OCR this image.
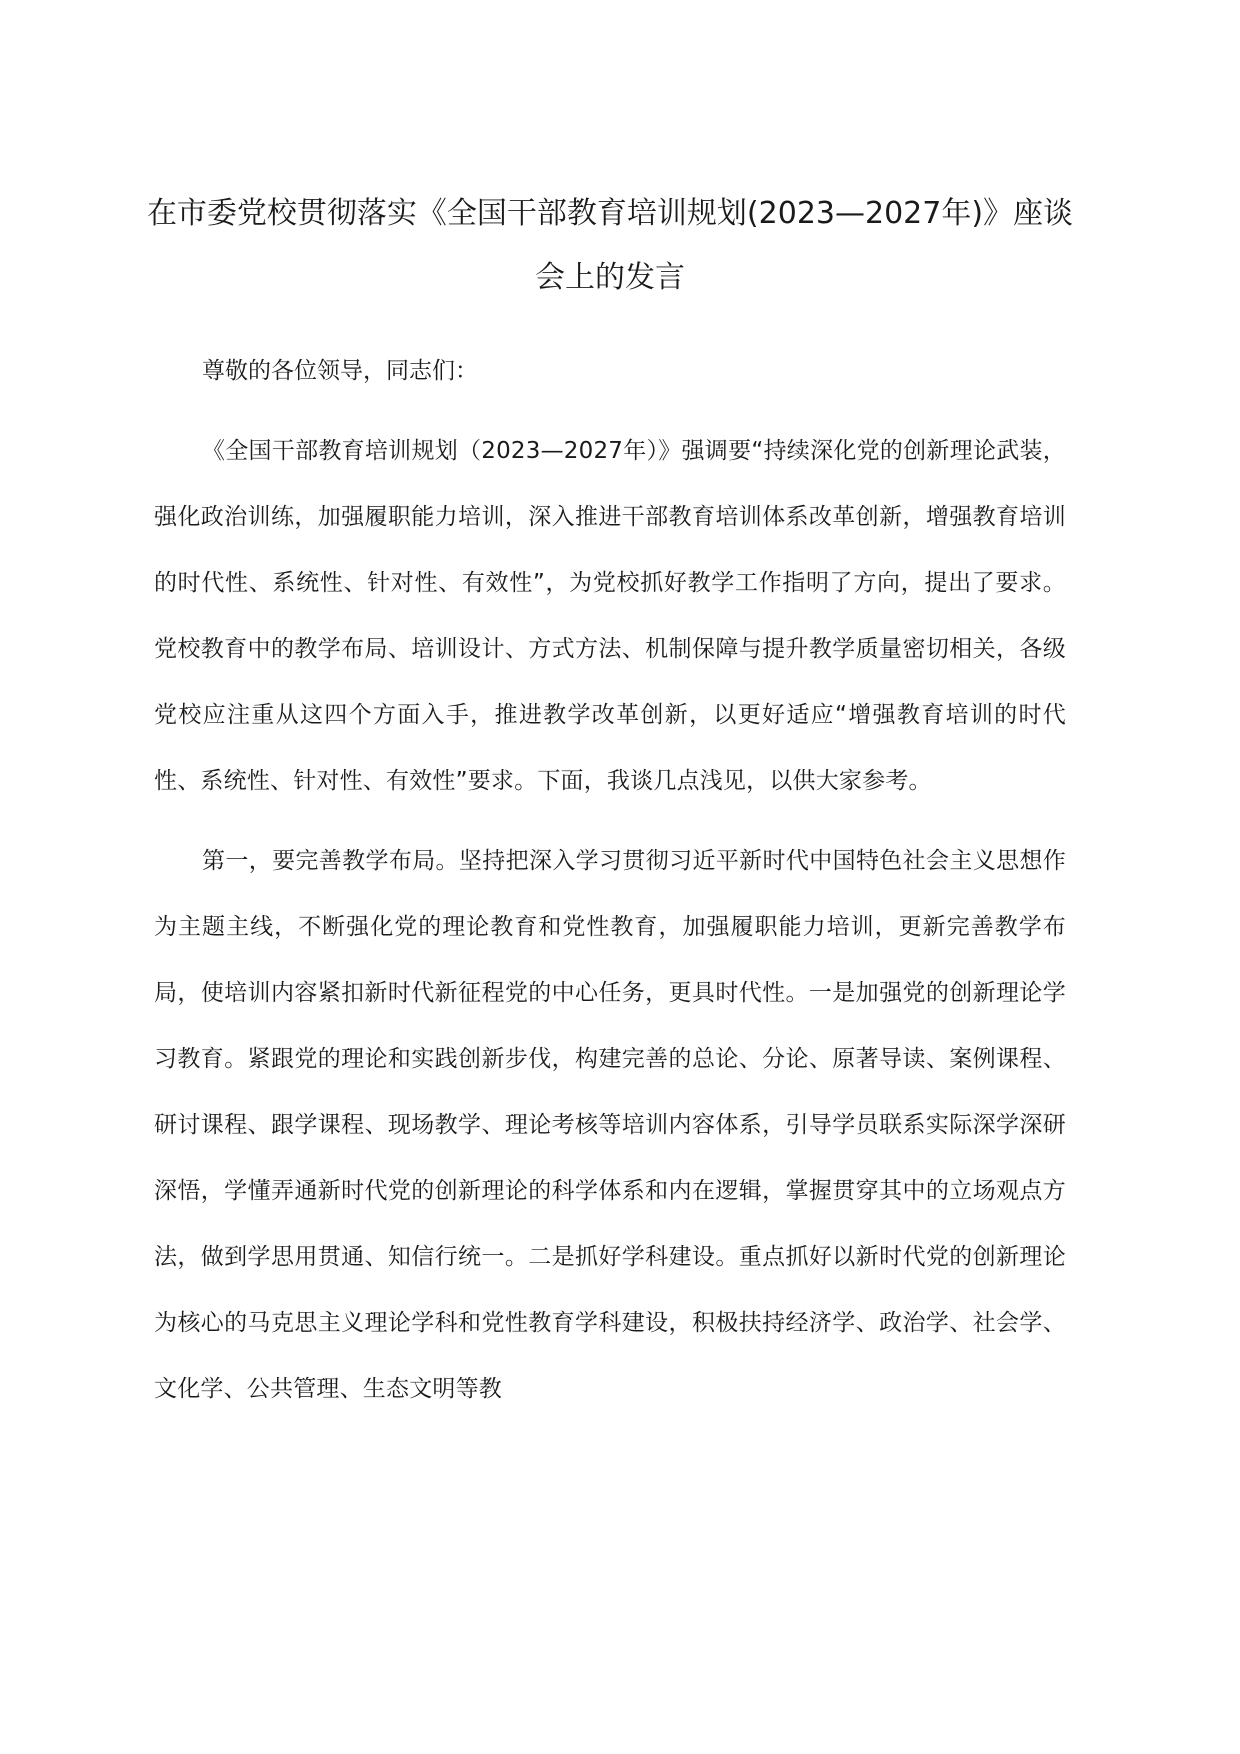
在市委党校贯彻落实《全国干部教育培训规划(2023—2027年)》座谈会上的发言

尊敬的各位领导，同志们：

《全国干部教育培训规划（2023—2027年）》强调要“持续深化党的创新理论武装，强化政治训练，加强履职能力培训，深入推进干部教育培训体系改革创新，增强教育培训的时代性、系统性、针对性、有效性”，为党校抓好教学工作指明了方向，提出了要求。党校教育中的教学布局、培训设计、方式方法、机制保障与提升教学质量密切相关，各级党校应注重从这四个方面入手，推进教学改革创新，以更好适应“增强教育培训的时代性、系统性、针对性、有效性”要求。下面，我谈几点浅见，以供大家参考。

第一，要完善教学布局。坚持把深入学习贯彻习近平新时代中国特色社会主义思想作为主题主线，不断强化党的理论教育和党性教育，加强履职能力培训，更新完善教学布局，使培训内容紧扣新时代新征程党的中心任务，更具时代性。一是加强党的创新理论学习教育。紧跟党的理论和实践创新步伐，构建完善的总论、分论、原著导读、案例课程、研讨课程、跟学课程、现场教学、理论考核等培训内容体系，引导学员联系实际深学深研深悟，学懂弄通新时代党的创新理论的科学体系和内在逻辑，掌握贯穿其中的立场观点方法，做到学思用贯通、知信行统一。二是抓好学科建设。重点抓好以新时代党的创新理论为核心的马克思主义理论学科和党性教育学科建设，积极扶持经济学、政治学、社会学、文化学、公共管理、生态文明等教
